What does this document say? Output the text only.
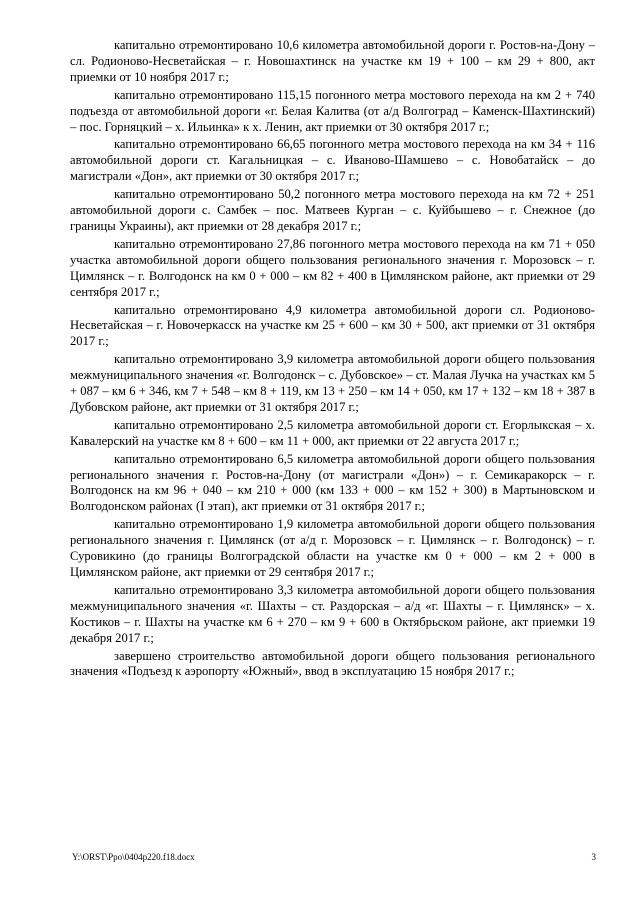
капитально отремонтировано 10,6 километра автомобильной дороги г. Ростов-на-Дону – сл. Родионово-Несветайская – г. Новошахтинск на участке км 19 + 100 – км 29 + 800, акт приемки от 10 ноября 2017 г.;

капитально отремонтировано 115,15 погонного метра мостового перехода на км 2 + 740 подъезда от автомобильной дороги «г. Белая Калитва (от а/д Волгоград – Каменск-Шахтинский) – пос. Горняцкий – х. Ильинка» к х. Ленин, акт приемки от 30 октября 2017 г.;

капитально отремонтировано 66,65 погонного метра мостового перехода на км 34 + 116 автомобильной дороги ст. Кагальницкая – с. Иваново-Шамшево – с. Новобатайск – до магистрали «Дон», акт приемки от 30 октября 2017 г.;

капитально отремонтировано 50,2 погонного метра мостового перехода на км 72 + 251 автомобильной дороги с. Самбек – пос. Матвеев Курган – с. Куйбышево – г. Снежное (до границы Украины), акт приемки от 28 декабря 2017 г.;

капитально отремонтировано 27,86 погонного метра мостового перехода на км 71 + 050 участка автомобильной дороги общего пользования регионального значения г. Морозовск – г. Цимлянск – г. Волгодонск на км 0 + 000 – км 82 + 400 в Цимлянском районе, акт приемки от 29 сентября 2017 г.;

капитально отремонтировано 4,9 километра автомобильной дороги сл. Родионово-Несветайская – г. Новочеркасск на участке км 25 + 600 – км 30 + 500, акт приемки от 31 октября 2017 г.;

капитально отремонтировано 3,9 километра автомобильной дороги общего пользования межмуниципального значения «г. Волгодонск – с. Дубовское» – ст. Малая Лучка на участках км 5 + 087 – км 6 + 346, км 7 + 548 – км 8 + 119, км 13 + 250 – км 14 + 050, км 17 + 132 – км 18 + 387 в Дубовском районе, акт приемки от 31 октября 2017 г.;

капитально отремонтировано 2,5 километра автомобильной дороги ст. Егорлыкская – х. Кавалерский на участке км 8 + 600 – км 11 + 000, акт приемки от 22 августа 2017 г.;

капитально отремонтировано 6,5 километра автомобильной дороги общего пользования регионального значения г. Ростов-на-Дону (от магистрали «Дон») – г. Семикаракорск – г. Волгодонск на км 96 + 040 – км 210 + 000 (км 133 + 000 – км 152 + 300) в Мартыновском и Волгодонском районах (I этап), акт приемки от 31 октября 2017 г.;

капитально отремонтировано 1,9 километра автомобильной дороги общего пользования регионального значения г. Цимлянск (от а/д г. Морозовск – г. Цимлянск – г. Волгодонск) – г. Суровикино (до границы Волгоградской области на участке км 0 + 000 – км 2 + 000 в Цимлянском районе, акт приемки от 29 сентября 2017 г.;

капитально отремонтировано 3,3 километра автомобильной дороги общего пользования межмуниципального значения «г. Шахты – ст. Раздорская – а/д «г. Шахты – г. Цимлянск» – х. Костиков – г. Шахты на участке км 6 + 270 – км 9 + 600 в Октябрьском районе, акт приемки 19 декабря 2017 г.;

завершено строительство автомобильной дороги общего пользования регионального значения «Подъезд к аэропорту «Южный», ввод в эксплуатацию 15 ноября 2017 г.;

Y:\ORST\Ppo\0404p220.f18.docx	3
